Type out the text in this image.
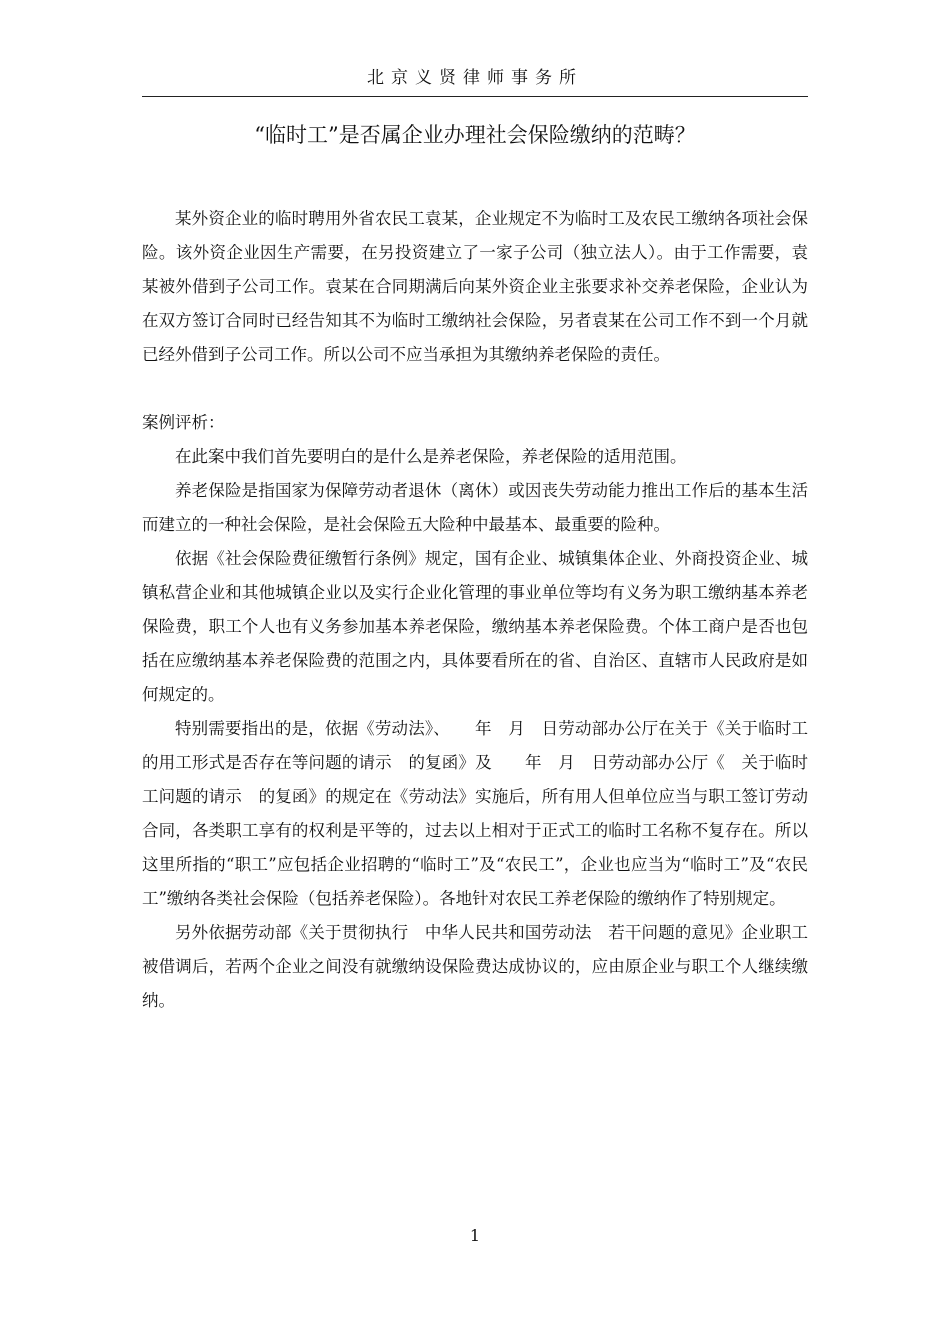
北京义贤律师事务所
“临时工”是否属企业办理社会保险缴纳的范畴？

某外资企业的临时聘用外省农民工袁某，企业规定不为临时工及农民工缴纳各项社会保险。该外资企业因生产需要，在另投资建立了一家子公司（独立法人）。由于工作需要，袁某被外借到子公司工作。袁某在合同期满后向某外资企业主张要求补交养老保险，企业认为在双方签订合同时已经告知其不为临时工缴纳社会保险，另者袁某在公司工作不到一个月就已经外借到子公司工作。所以公司不应当承担为其缴纳养老保险的责任。

案例评析：

在此案中我们首先要明白的是什么是养老保险，养老保险的适用范围。

养老保险是指国家为保障劳动者退休（离休）或因丧失劳动能力推出工作后的基本生活而建立的一种社会保险，是社会保险五大险种中最基本、最重要的险种。

依据《社会保险费征缴暂行条例》规定，国有企业、城镇集体企业、外商投资企业、城镇私营企业和其他城镇企业以及实行企业化管理的事业单位等均有义务为职工缴纳基本养老保险费，职工个人也有义务参加基本养老保险，缴纳基本养老保险费。个体工商户是否也包括在应缴纳基本养老保险费的范围之内，具体要看所在的省、自治区、直辖市人民政府是如何规定的。

特别需要指出的是，依据《劳动法》、　　年　月　日劳动部办公厅在关于《关于临时工的用工形式是否存在等问题的请示　的复函》及　　年　月　日劳动部办公厅《　关于临时工问题的请示　的复函》的规定在《劳动法》实施后，所有用人但单位应当与职工签订劳动合同，各类职工享有的权利是平等的，过去以上相对于正式工的临时工名称不复存在。所以这里所指的“职工”应包括企业招聘的“临时工”及“农民工”，企业也应当为“临时工”及“农民工”缴纳各类社会保险（包括养老保险）。各地针对农民工养老保险的缴纳作了特别规定。

另外依据劳动部《关于贯彻执行　中华人民共和国劳动法　若干问题的意见》企业职工被借调后，若两个企业之间没有就缴纳设保险费达成协议的，应由原企业与职工个人继续缴纳。

1
